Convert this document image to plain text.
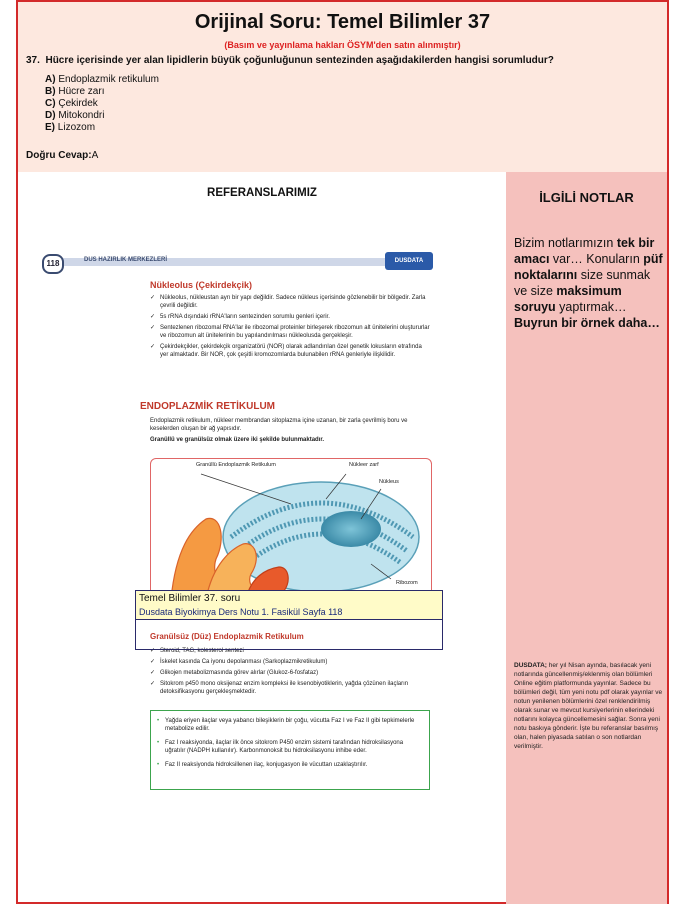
Orijinal Soru: Temel Bilimler 37
(Basım ve yayınlama hakları ÖSYM'den satın alınmıştır)
37. Hücre içerisinde yer alan lipidlerin büyük çoğunluğunun sentezinden aşağıdakilerden hangisi sorumludur?
A) Endoplazmik retikulum
B) Hücre zarı
C) Çekirdek
D) Mitokondri
E) Lizozom
Doğru Cevap:A
REFERANSLARIMIZ	İLGİLİ NOTLAR
Bizim notlarımızın tek bir amacı var… Konuların püf noktalarını size sunmak ve size maksimum soruyu yaptırmak… Buyrun bir örnek daha…
DUSDATA; her yıl Nisan ayında, basılacak yeni notlarında güncellenmiş/eklenmiş olan bölümleri Online eğitim platformunda yayınlar. Sadece bu bölümleri değil, tüm yeni notu pdf olarak yayınlar ve notun yenilenen bölümlerini özel renklendirilmiş olarak sunar ve mevcut kursiyerlerinin ellerindeki notlarını kolayca güncellemesini sağlar. Sonra yeni notu baskıya gönderir. İşte bu referanslar basılmış olan, halen piyasada satılan o son notlardan verilmiştir.
118	DUS HAZIRLIK MERKEZLERİ	DUSDATA
Nükleolus (Çekirdekçik)

✓ Nükleolus, nükleustan ayrı bir yapı değildir. Sadece nükleus içerisinde gözlenebilir bir bölgedir. Zarla çevrili değildir.

✓ 5s rRNA dışındaki rRNA'ların sentezinden sorumlu genleri içerir.

✓ Sentezlenen ribozomal RNA'lar ile ribozomal proteinler birleşerek ribozomun alt ünitelerini oluştururlar ve ribozomun alt ünitelerinin bu yapılandırılması nükleolusda gerçekleşir.

✓ Çekirdekçikler, çekirdekçik organizatörü (NOR) olarak adlandırılan özel genetik lokusların etrafında yer almaktadır. Bir NOR, çok çeşitli kromozomlarda bulunabilen rRNA genleriyle ilişkilidir.

ENDOPLAZMİK RETİKULUM
Endoplazmik retikulum, nükleer membrandan sitoplazma içine uzanan, bir zarla çevrilmiş boru ve keselerden oluşan bir ağ yapısıdır.
Granüllü ve granülsüz olmak üzere iki şekilde bulunmaktadır.
Granüllü Endoplazmik Retikulum	Nükleer zarf
Nükleus
Ribozom
Granülsüz (Düz) Endoplazmik Retikulum

✓ Steroid, TAG, kolesterol sentezi

✓ İskelet kasında Ca iyonu depolanması (Sarkoplazmikretikulum)

✓ Glikojen metabolizmasında görev alırlar (Glukoz-6-fosfataz)

✓ Sitokrom p450 mono oksijenaz enzim kompleksi ile ksenobiyotiklerin, yağda çözünen ilaçların detoksifikasyonu gerçekleşmektedir.

• Yağda eriyen ilaçlar veya yabancı bileşiklerin bir çoğu, vücutta Faz I ve Faz II gibi tepkimelerle metabolize edilir.
• Faz I reaksiyonda, ilaçlar ilk önce sitokrom P450 enzim sistemi tarafından hidroksilasyona uğratılır (NADPH kullanılır). Karbonmonoksit bu hidroksilasyonu inhibe eder.
• Faz II reaksiyonda hidroksillenen ilaç, konjugasyon ile vücuttan uzaklaştırılır.
Temel Bilimler 37. soru
Dusdata Biyokimya Ders Notu 1. Fasikül Sayfa 118
